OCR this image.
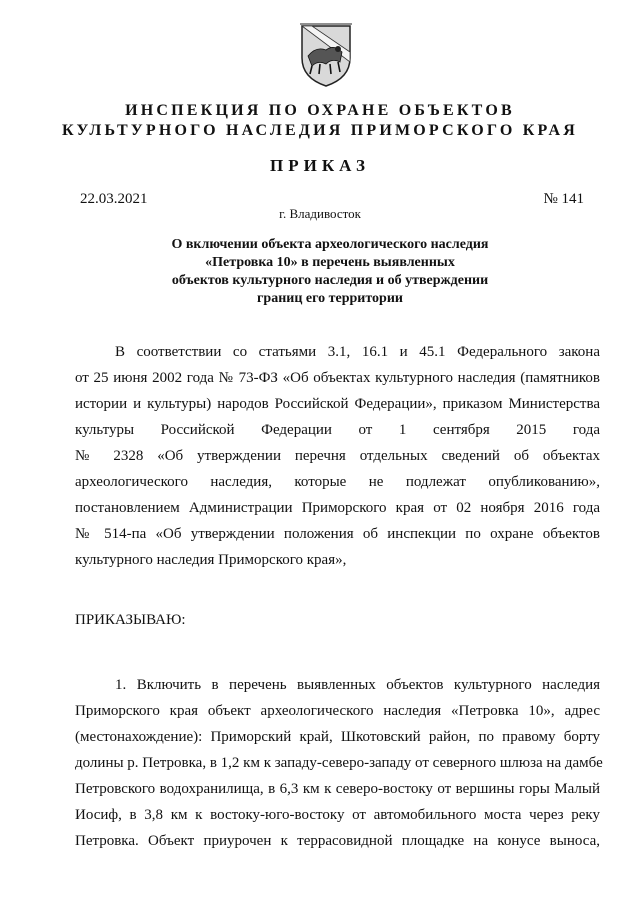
ИНСПЕКЦИЯ ПО ОХРАНЕ ОБЪЕКТОВ
КУЛЬТУРНОГО НАСЛЕДИЯ ПРИМОРСКОГО КРАЯ
ПРИКАЗ
22.03.2021	№ 141
г. Владивосток
О включении объекта археологического наследия
«Петровка 10» в перечень выявленных
объектов культурного наследия и об утверждении
границ его территории
В соответствии со статьями 3.1, 16.1 и 45.1 Федерального закона
от 25 июня 2002 года № 73-ФЗ «Об объектах культурного наследия (памятников
истории и культуры) народов Российской Федерации», приказом Министерства
культуры Российской Федерации от 1 сентября 2015 года
№ 2328 «Об утверждении перечня отдельных сведений об объектах
археологического наследия, которые не подлежат опубликованию»,
постановлением Администрации Приморского края от 02 ноября 2016 года
№ 514-па «Об утверждении положения об инспекции по охране объектов
культурного наследия Приморского края»,
ПРИКАЗЫВАЮ:
1. Включить в перечень выявленных объектов культурного наследия
Приморского края объект археологического наследия «Петровка 10», адрес
(местонахождение): Приморский край, Шкотовский район, по правому борту
долины р. Петровка, в 1,2 км к западу-северо-западу от северного шлюза на дамбе
Петровского водохранилища, в 6,3 км к северо-востоку от вершины горы Малый
Иосиф, в 3,8 км к востоку-юго-востоку от автомобильного моста через реку
Петровка. Объект приурочен к террасовидной площадке на конусе выноса,
